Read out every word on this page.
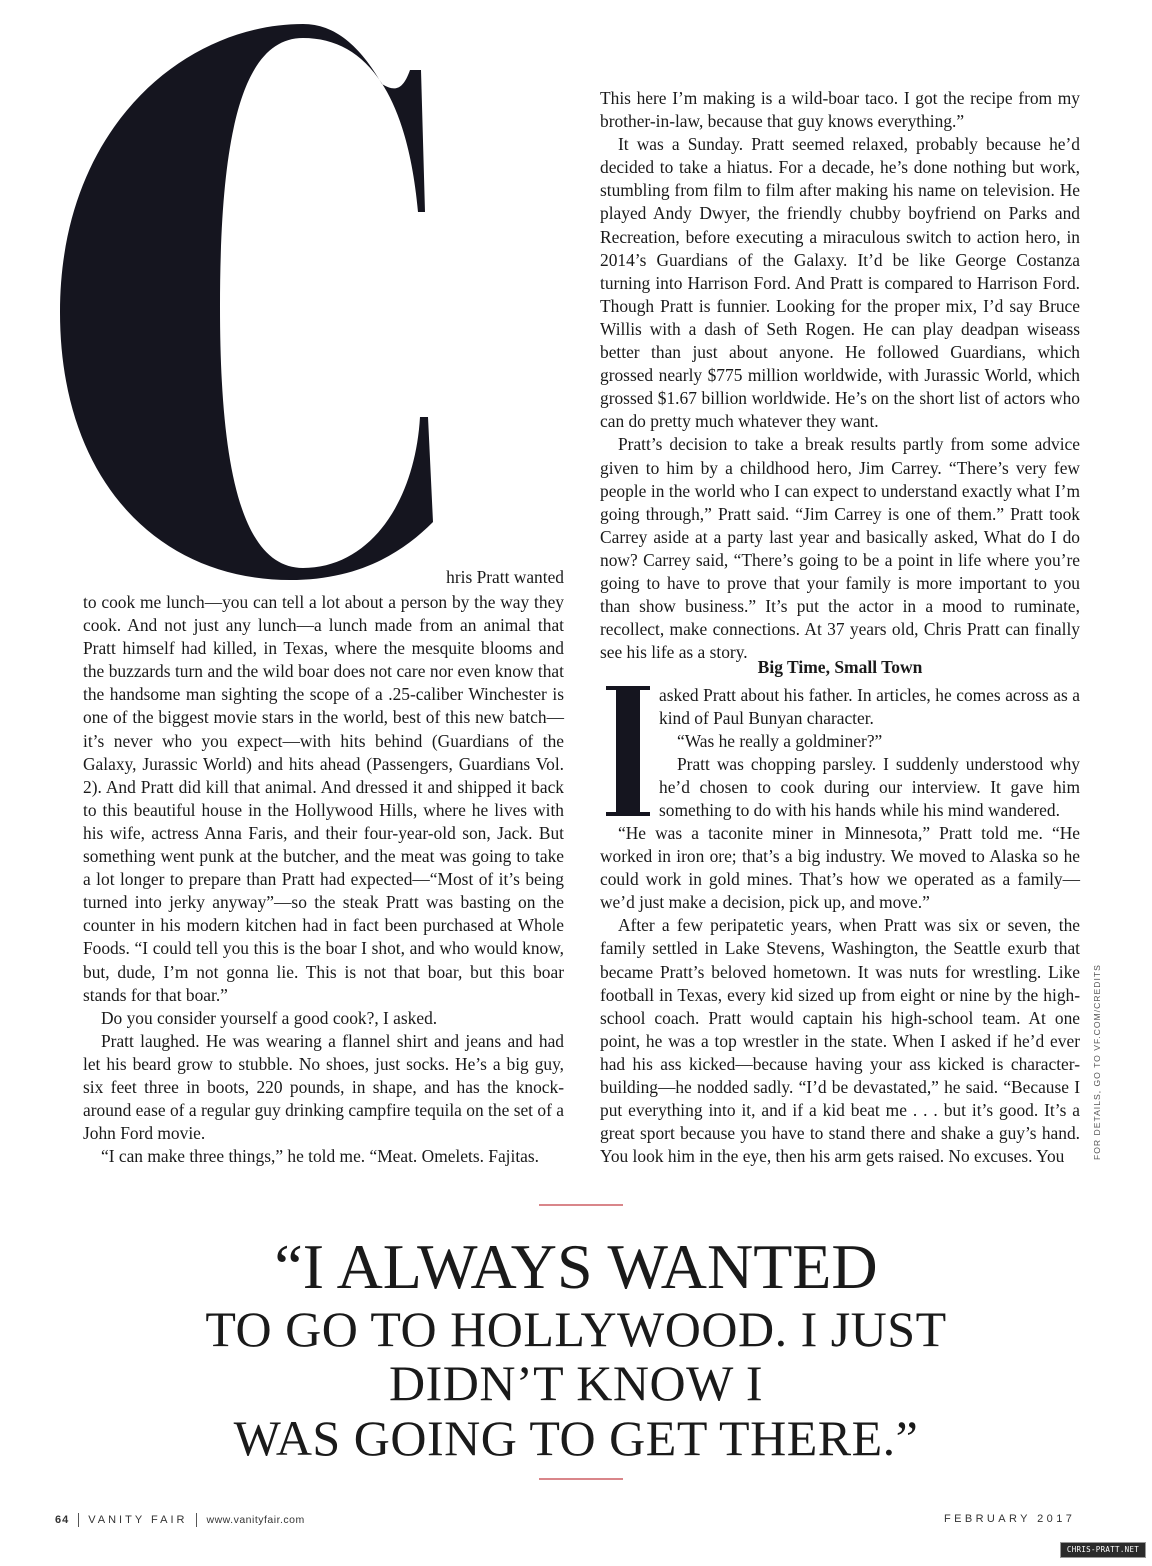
hris Pratt wanted

to cook me lunch—you can tell a lot about a person by the way they cook. And not just any lunch—a lunch made from an animal that Pratt himself had killed, in Texas, where the mesquite blooms and the buzzards turn and the wild boar does not care nor even know that the handsome man sighting the scope of a .25-caliber Winchester is one of the biggest movie stars in the world, best of this new batch—it’s never who you expect—with hits behind (Guardians of the Galaxy, Jurassic World) and hits ahead (Passengers, Guardians Vol. 2). And Pratt did kill that animal. And dressed it and shipped it back to this beautiful house in the Hollywood Hills, where he lives with his wife, actress Anna Faris, and their four-year-old son, Jack. But something went punk at the butcher, and the meat was going to take a lot longer to prepare than Pratt had expected—“Most of it’s being turned into jerky anyway”—so the steak Pratt was basting on the counter in his modern kitchen had in fact been purchased at Whole Foods. “I could tell you this is the boar I shot, and who would know, but, dude, I’m not gonna lie. This is not that boar, but this boar stands for that boar.”

Do you consider yourself a good cook?, I asked.

Pratt laughed. He was wearing a flannel shirt and jeans and had let his beard grow to stubble. No shoes, just socks. He’s a big guy, six feet three in boots, 220 pounds, in shape, and has the knock-around ease of a regular guy drinking campfire tequila on the set of a John Ford movie.

“I can make three things,” he told me. “Meat. Omelets. Fajitas.

This here I’m making is a wild-boar taco. I got the recipe from my brother-in-law, because that guy knows everything.”

It was a Sunday. Pratt seemed relaxed, probably because he’d decided to take a hiatus. For a decade, he’s done nothing but work, stumbling from film to film after making his name on television. He played Andy Dwyer, the friendly chubby boyfriend on Parks and Recreation, before executing a miraculous switch to action hero, in 2014’s Guardians of the Galaxy. It’d be like George Costanza turning into Harrison Ford. And Pratt is compared to Harrison Ford. Though Pratt is funnier. Looking for the proper mix, I’d say Bruce Willis with a dash of Seth Rogen. He can play deadpan wiseass better than just about anyone. He followed Guardians, which grossed nearly $775 million worldwide, with Jurassic World, which grossed $1.67 billion worldwide. He’s on the short list of actors who can do pretty much whatever they want.

Pratt’s decision to take a break results partly from some advice given to him by a childhood hero, Jim Carrey. “There’s very few people in the world who I can expect to understand exactly what I’m going through,” Pratt said. “Jim Carrey is one of them.” Pratt took Carrey aside at a party last year and basically asked, What do I do now? Carrey said, “There’s going to be a point in life where you’re going to have to prove that your family is more important to you than show business.” It’s put the actor in a mood to ruminate, recollect, make connections. At 37 years old, Chris Pratt can finally see his life as a story.

Big Time, Small Town

asked Pratt about his father. In articles, he comes across as a kind of Paul Bunyan character.

“Was he really a goldminer?”

Pratt was chopping parsley. I suddenly understood why he’d chosen to cook during our interview. It gave him something to do with his hands while his mind wandered.

“He was a taconite miner in Minnesota,” Pratt told me. “He worked in iron ore; that’s a big industry. We moved to Alaska so he could work in gold mines. That’s how we operated as a family—we’d just make a decision, pick up, and move.”

After a few peripatetic years, when Pratt was six or seven, the family settled in Lake Stevens, Washington, the Seattle exurb that became Pratt’s beloved hometown. It was nuts for wrestling. Like football in Texas, every kid sized up from eight or nine by the high-school coach. Pratt would captain his high-school team. At one point, he was a top wrestler in the state. When I asked if he’d ever had his ass kicked—because having your ass kicked is character-building—he nodded sadly. “I’d be devastated,” he said. “Because I put everything into it, and if a kid beat me . . . but it’s good. It’s a great sport because you have to stand there and shake a guy’s hand. You look him in the eye, then his arm gets raised. No excuses. You	FOR DETAILS, GO TO VF.COM/CREDITS
“I ALWAYS WANTED
TO GO TO HOLLYWOOD. I JUST
DIDN’T KNOW I
WAS GOING TO GET THERE.”
64 VANITY FAIR www.vanityfair.com	FEBRUARY 2017
CHRIS-PRATT.NET
